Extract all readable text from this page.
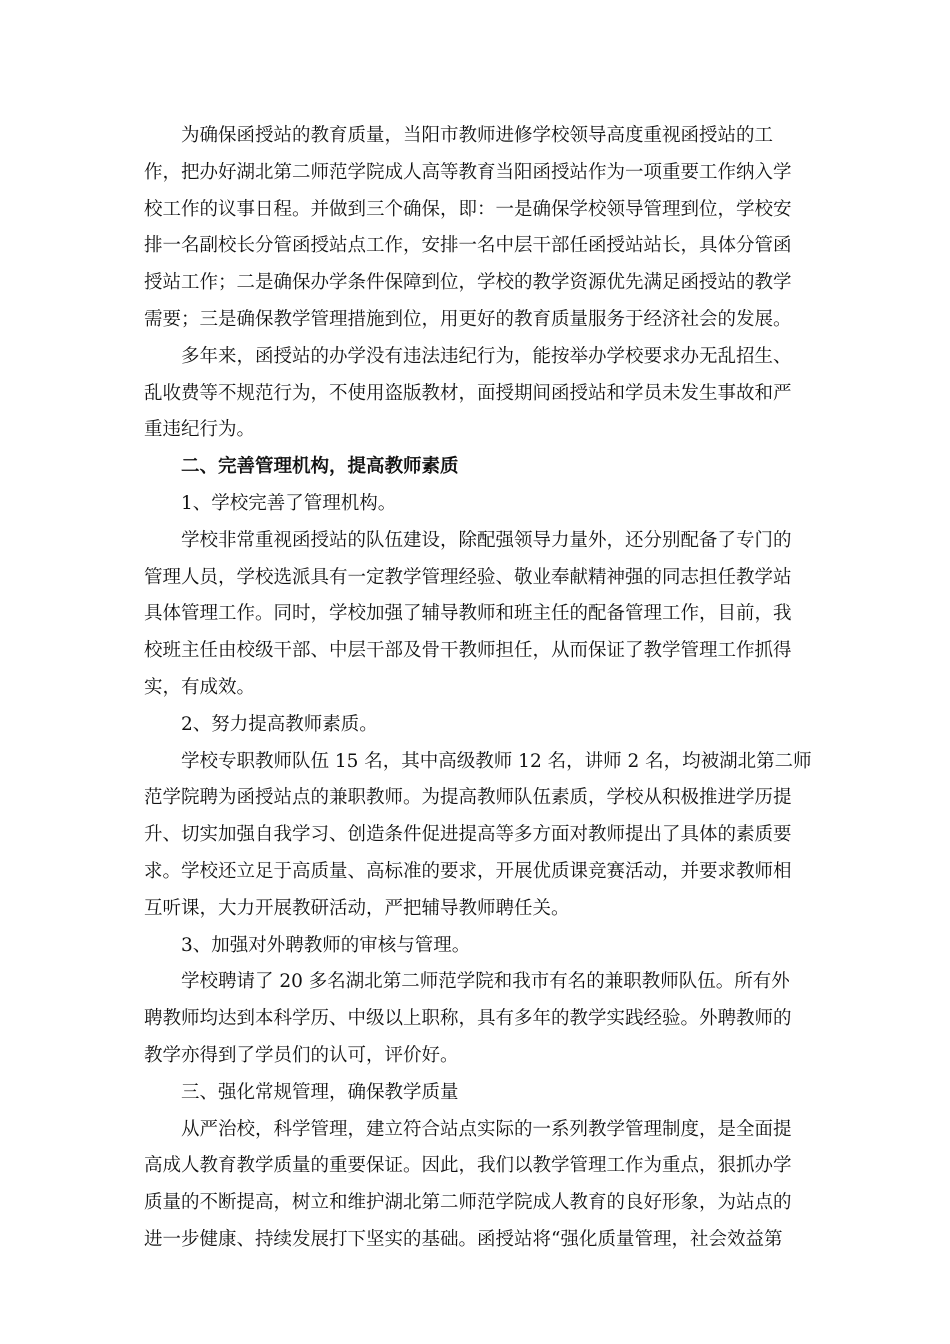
为确保函授站的教育质量，当阳市教师进修学校领导高度重视函授站的工
作，把办好湖北第二师范学院成人高等教育当阳函授站作为一项重要工作纳入学
校工作的议事日程。并做到三个确保，即：一是确保学校领导管理到位，学校安
排一名副校长分管函授站点工作，安排一名中层干部任函授站站长，具体分管函
授站工作；二是确保办学条件保障到位，学校的教学资源优先满足函授站的教学
需要；三是确保教学管理措施到位，用更好的教育质量服务于经济社会的发展。
多年来，函授站的办学没有违法违纪行为，能按举办学校要求办无乱招生、
乱收费等不规范行为，不使用盗版教材，面授期间函授站和学员未发生事故和严
重违纪行为。
二、完善管理机构，提高教师素质
1、学校完善了管理机构。
学校非常重视函授站的队伍建设，除配强领导力量外，还分别配备了专门的
管理人员，学校选派具有一定教学管理经验、敬业奉献精神强的同志担任教学站
具体管理工作。同时，学校加强了辅导教师和班主任的配备管理工作，目前，我
校班主任由校级干部、中层干部及骨干教师担任，从而保证了教学管理工作抓得
实，有成效。
2、努力提高教师素质。
学校专职教师队伍 15 名，其中高级教师 12 名，讲师 2 名，均被湖北第二师
范学院聘为函授站点的兼职教师。为提高教师队伍素质，学校从积极推进学历提
升、切实加强自我学习、创造条件促进提高等多方面对教师提出了具体的素质要
求。学校还立足于高质量、高标准的要求，开展优质课竞赛活动，并要求教师相
互听课，大力开展教研活动，严把辅导教师聘任关。
3、加强对外聘教师的审核与管理。
学校聘请了 20 多名湖北第二师范学院和我市有名的兼职教师队伍。所有外
聘教师均达到本科学历、中级以上职称，具有多年的教学实践经验。外聘教师的
教学亦得到了学员们的认可，评价好。
三、强化常规管理，确保教学质量
从严治校，科学管理，建立符合站点实际的一系列教学管理制度，是全面提
高成人教育教学质量的重要保证。因此，我们以教学管理工作为重点，狠抓办学
质量的不断提高，树立和维护湖北第二师范学院成人教育的良好形象，为站点的
进一步健康、持续发展打下坚实的基础。函授站将“强化质量管理，社会效益第
